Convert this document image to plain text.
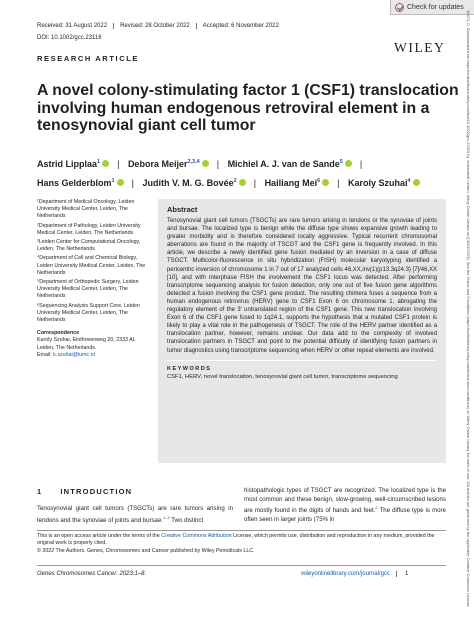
Check for updates
19473, 0, Downloaded from https://onlinelibrary.wiley.com/doi/10.1002/gcc.23116 by Universiteit Leiden, Wiley Online Library on [09/01/2023]. See the Terms and Conditions (https://onlinelibrary.wiley.com/terms-and-conditions) on Wiley Online Library for rules of use; OA articles are governed by the applicable Creative Commons License
Received: 31 August 2022	Revised: 28 October 2022	Accepted: 6 November 2022
DOI: 10.1002/gcc.23116
WILEY
RESEARCH ARTICLE
A novel colony-stimulating factor 1 (CSF1) translocation involving human endogenous retroviral element in a tenosynovial giant cell tumor
Astrid Lipplaa$^1$ | Debora Meijer$^{2,3,4}$ | Michiel A. J. van de Sande$^5$ |
Hans Gelderblom$^1$ | Judith V. M. G. Bovée$^2$ | Hailiang Mei$^6$ | Karoly Szuhai$^4$

¹Department of Medical Oncology, Leiden University Medical Center, Leiden, The Netherlands

²Department of Pathology, Leiden University Medical Center, Leiden, The Netherlands

³Leiden Center for Computational Oncology, Leiden, The Netherlands

⁴Department of Cell and Chemical Biology, Leiden University Medical Center, Leiden, The Netherlands

⁵Department of Orthopedic Surgery, Leiden University Medical Center, Leiden, The Netherlands

⁶Sequencing Analysis Support Core, Leiden University Medical Center, Leiden, The Netherlands

Correspondence

Karoly Szuhai, Einthovenweg 20, 2333 AL Leiden, The Netherlands.
Email: k.szuhai@lumc.nl

Abstract

Tenosynovial giant cell tumors (TSGCTs) are rare tumors arising in tendons or the synoviae of joints and bursae. The localized type is benign while the diffuse type shows expansive growth leading to greater morbidity and is therefore considered locally aggressive. Typical recurrent chromosomal aberrations are found in the majority of TSCGT and the CSF1 gene is frequently involved. In this article, we describe a newly identified gene fusion mediated by an inversion in a case of diffuse TSGCT. Multicolor-fluorescence in situ hybridization (FISH) molecular karyotyping identified a pericentric inversion of chromosome 1 in 7 out of 17 analyzed cells 46,XX,inv(1)(p13.3q24.3) [7]/46,XX [10], and with interphase FISH the involvement the CSF1 locus was detected. After performing transcriptome sequencing analysis for fusion detection, only one out of five fusion gene algorithms detected a fusion involving the CSF1 gene product. The resulting chimera fuses a sequence from a human endogenous retrovirus (HERV) gene to CSF1 Exon 6 on chromosome 1, abrogating the regulatory element of the 3′ untranslated region of the CSF1 gene. This new translocation involving Exon 6 of the CSF1 gene fused to 1q24.1, supports the hypothesis that a mutated CSF1 protein is likely to play a vital role in the pathogenesis of TSGCT. The role of the HERV partner identified as a translocation partner, however, remains unclear. Our data add to the complexity of involved translocation partners in TSGCT and point to the potential difficulty of identifying fusion partners in tumor diagnostics using transcriptome sequencing when HERV or other repeat elements are involved.

KEYWORDS
CSF1, HERV, novel translocation, tenosynovial giant cell tumor, transcriptome sequencing
1 INTRODUCTION

Tenosynovial giant cell tumors (TSGCTs) are rare tumors arising in tendons and the synoviae of joints and bursae.$^{1-3}$ Two distinct

histopathologic types of TSGCT are recognized. The localized type is the most common and these benign, slow-growing, well-circumscribed lesions are mostly found in the digits of hands and feet.$^2$ The diffuse type is more often seen in larger joints (75% in

This is an open access article under the terms of the Creative Commons Attribution License, which permits use, distribution and reproduction in any medium, provided the original work is properly cited.

© 2022 The Authors. Genes, Chromosomes and Cancer published by Wiley Periodicals LLC.

Genes Chromosomes Cancer. 2023;1–8.	wileyonlinelibrary.com/journal/gcc	1
